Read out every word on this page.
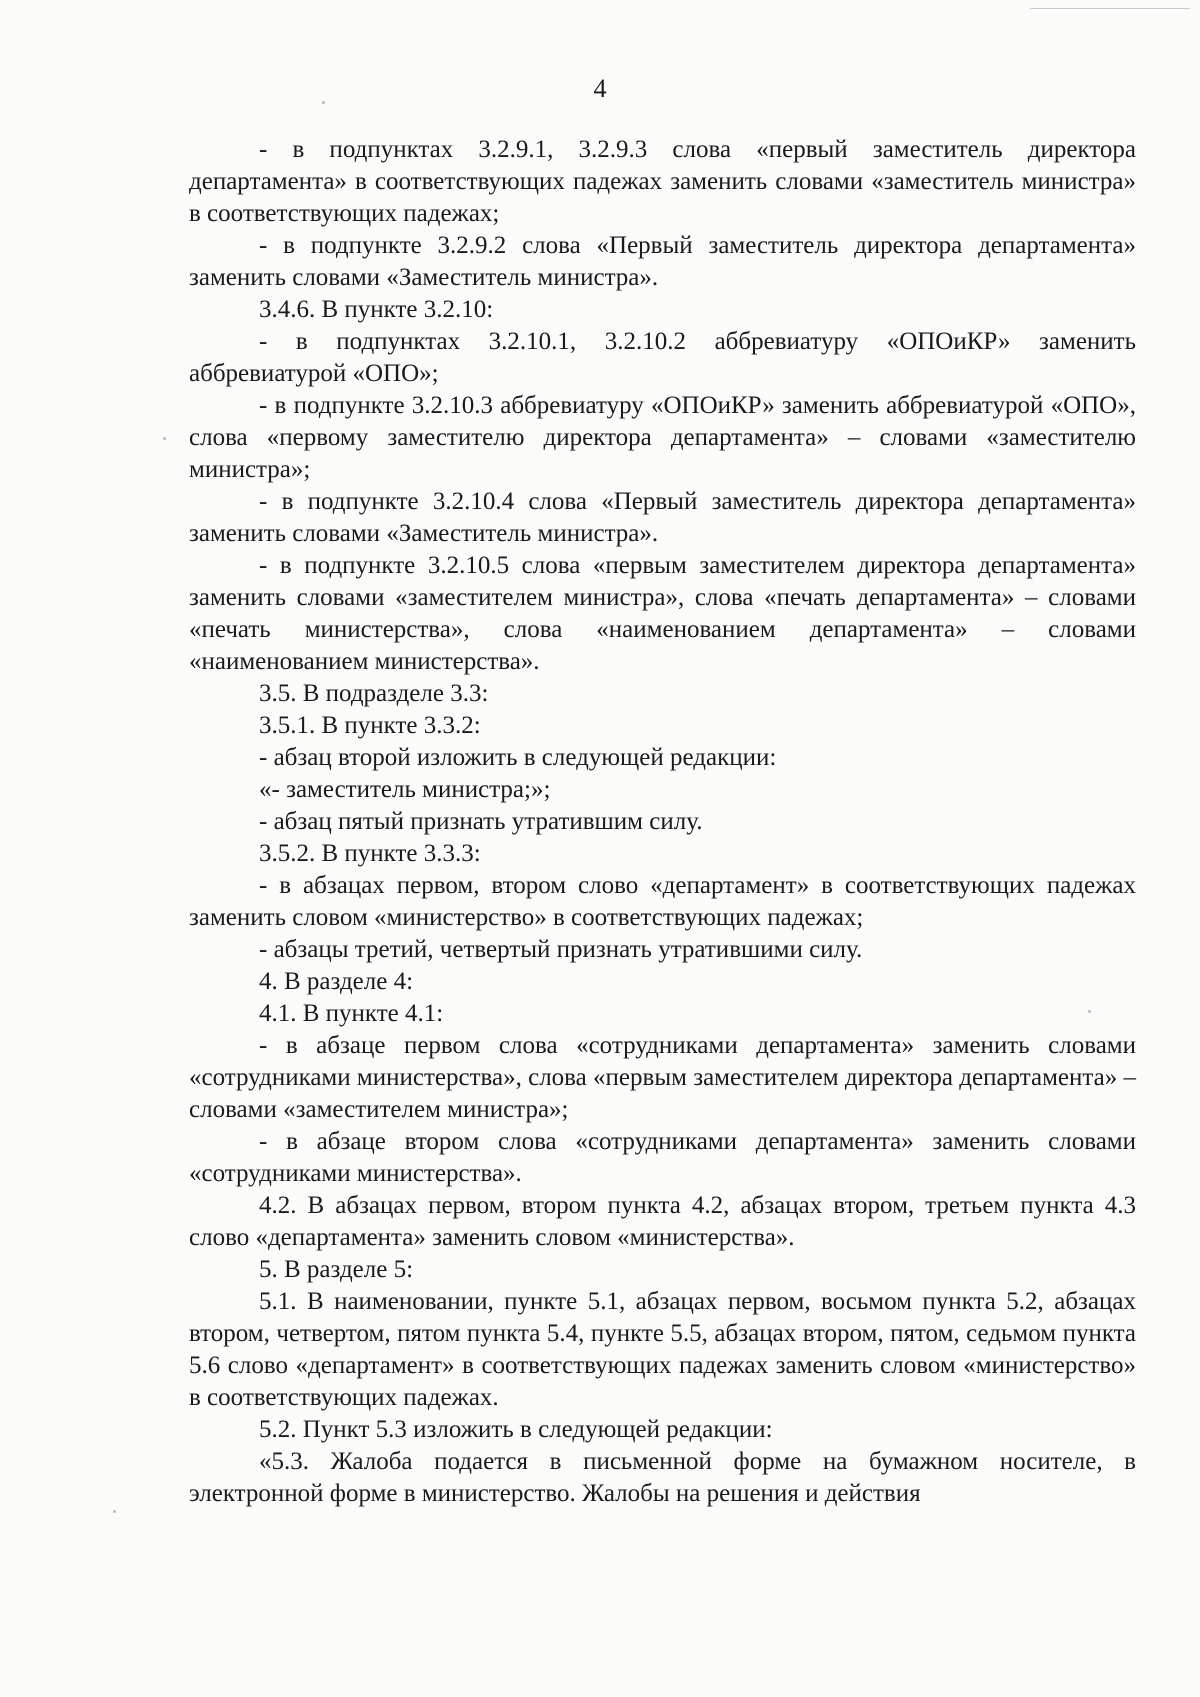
4

- в подпунктах 3.2.9.1, 3.2.9.3 слова «первый заместитель директора департамента» в соответствующих падежах заменить словами «заместитель министра» в соответствующих падежах;

- в подпункте 3.2.9.2 слова «Первый заместитель директора департамента» заменить словами «Заместитель министра».

3.4.6. В пункте 3.2.10:

- в подпунктах 3.2.10.1, 3.2.10.2 аббревиатуру «ОПОиКР» заменить аббревиатурой «ОПО»;

- в подпункте 3.2.10.3 аббревиатуру «ОПОиКР» заменить аббревиатурой «ОПО», слова «первому заместителю директора департамента» – словами «заместителю министра»;

- в подпункте 3.2.10.4 слова «Первый заместитель директора департамента» заменить словами «Заместитель министра».

- в подпункте 3.2.10.5 слова «первым заместителем директора департамента» заменить словами «заместителем министра», слова «печать департамента» – словами «печать министерства», слова «наименованием департамента» – словами «наименованием министерства».

3.5. В подразделе 3.3:

3.5.1. В пункте 3.3.2:

- абзац второй изложить в следующей редакции:

«- заместитель министра;»;

- абзац пятый признать утратившим силу.

3.5.2. В пункте 3.3.3:

- в абзацах первом, втором слово «департамент» в соответствующих падежах заменить словом «министерство» в соответствующих падежах;

- абзацы третий, четвертый признать утратившими силу.

4. В разделе 4:

4.1. В пункте 4.1:

- в абзаце первом слова «сотрудниками департамента» заменить словами «сотрудниками министерства», слова «первым заместителем директора департамента» – словами «заместителем министра»;

- в абзаце втором слова «сотрудниками департамента» заменить словами «сотрудниками министерства».

4.2. В абзацах первом, втором пункта 4.2, абзацах втором, третьем пункта 4.3 слово «департамента» заменить словом «министерства».

5. В разделе 5:

5.1. В наименовании, пункте 5.1, абзацах первом, восьмом пункта 5.2, абзацах втором, четвертом, пятом пункта 5.4, пункте 5.5, абзацах втором, пятом, седьмом пункта 5.6 слово «департамент» в соответствующих падежах заменить словом «министерство» в соответствующих падежах.

5.2. Пункт 5.3 изложить в следующей редакции:

«5.3. Жалоба подается в письменной форме на бумажном носителе, в электронной форме в министерство. Жалобы на решения и действия
